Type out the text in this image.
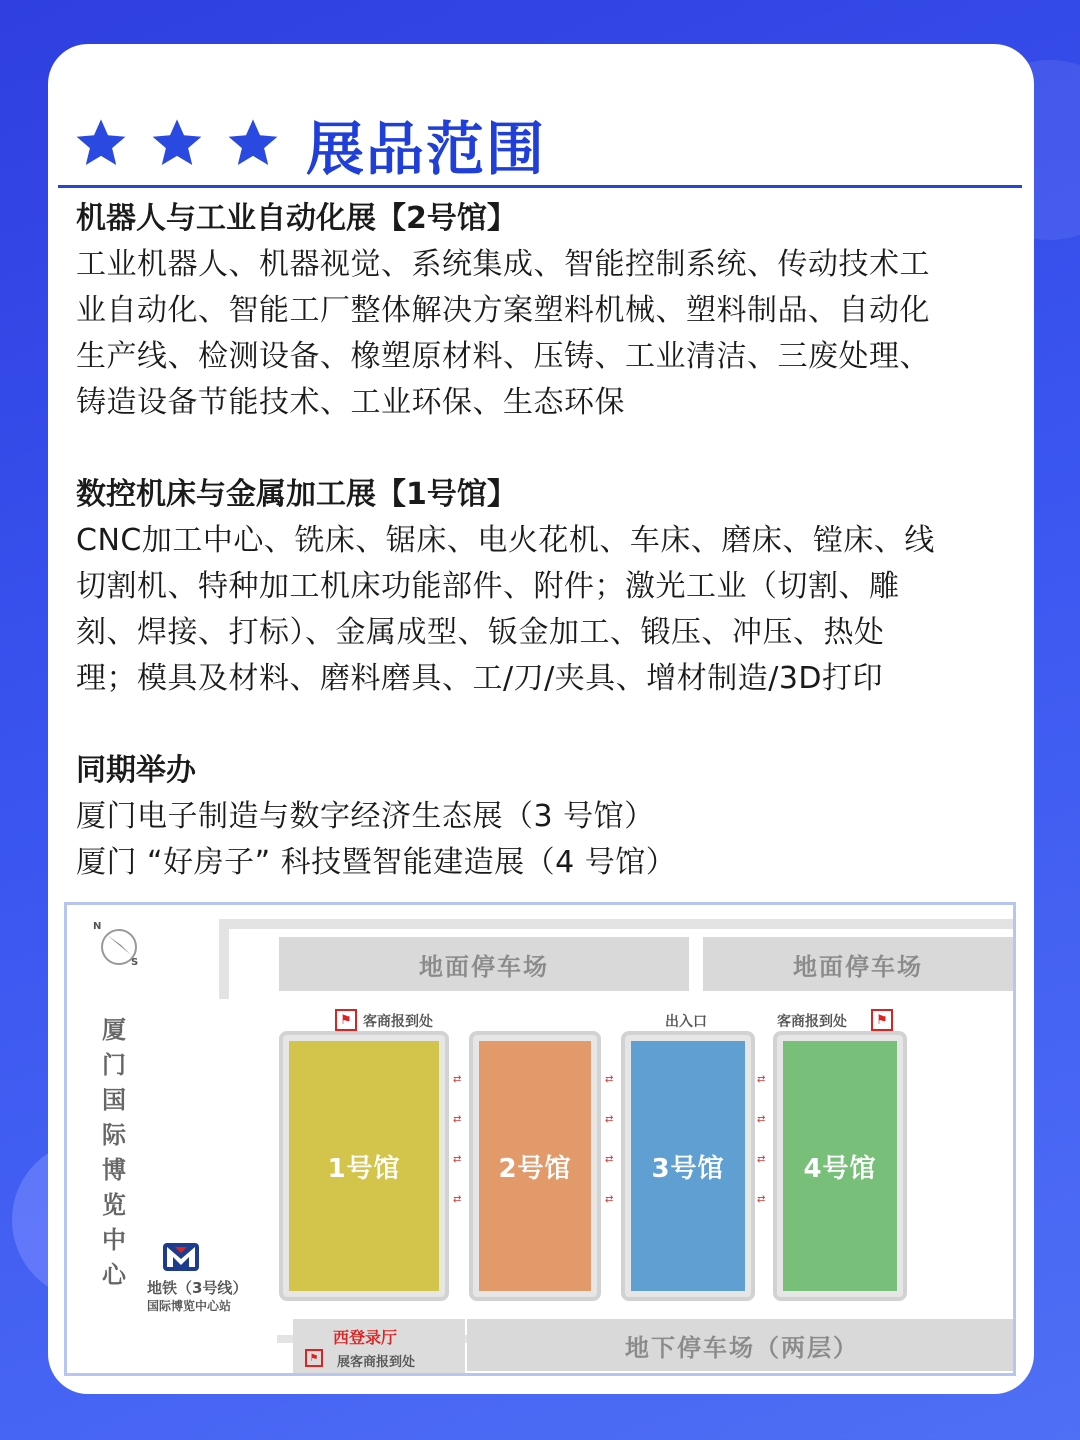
展品范围
机器人与工业自动化展【2号馆】
工业机器人、机器视觉、系统集成、智能控制系统、传动技术工
业自动化、智能工厂整体解决方案塑料机械、塑料制品、自动化
生产线、检测设备、橡塑原材料、压铸、工业清洁、三废处理、
铸造设备节能技术、工业环保、生态环保
数控机床与金属加工展【1号馆】
CNC加工中心、铣床、锯床、电火花机、车床、磨床、镗床、线
切割机、特种加工机床功能部件、附件；激光工业（切割、雕
刻、焊接、打标）、金属成型、钣金加工、锻压、冲压、热处
理；模具及材料、磨料磨具、工/刀/夹具、增材制造/3D打印
同期举办
厦门电子制造与数字经济生态展（3 号馆）
厦门 “好房子” 科技暨智能建造展（4 号馆）
N
S	地面停车场	地面停车场
地下停车场（两层）
西登录厅
⚑	展客商报到处
厦
门
国
际
博
览
中
心 地铁（3号线）
国际博览中心站
⚑ 客商报到处	出入口	客商报到处	⚑
1号馆	2号馆	3号馆	4号馆
⇄

⇄

⇄

⇄
⇄

⇄

⇄

⇄
⇄

⇄

⇄

⇄
